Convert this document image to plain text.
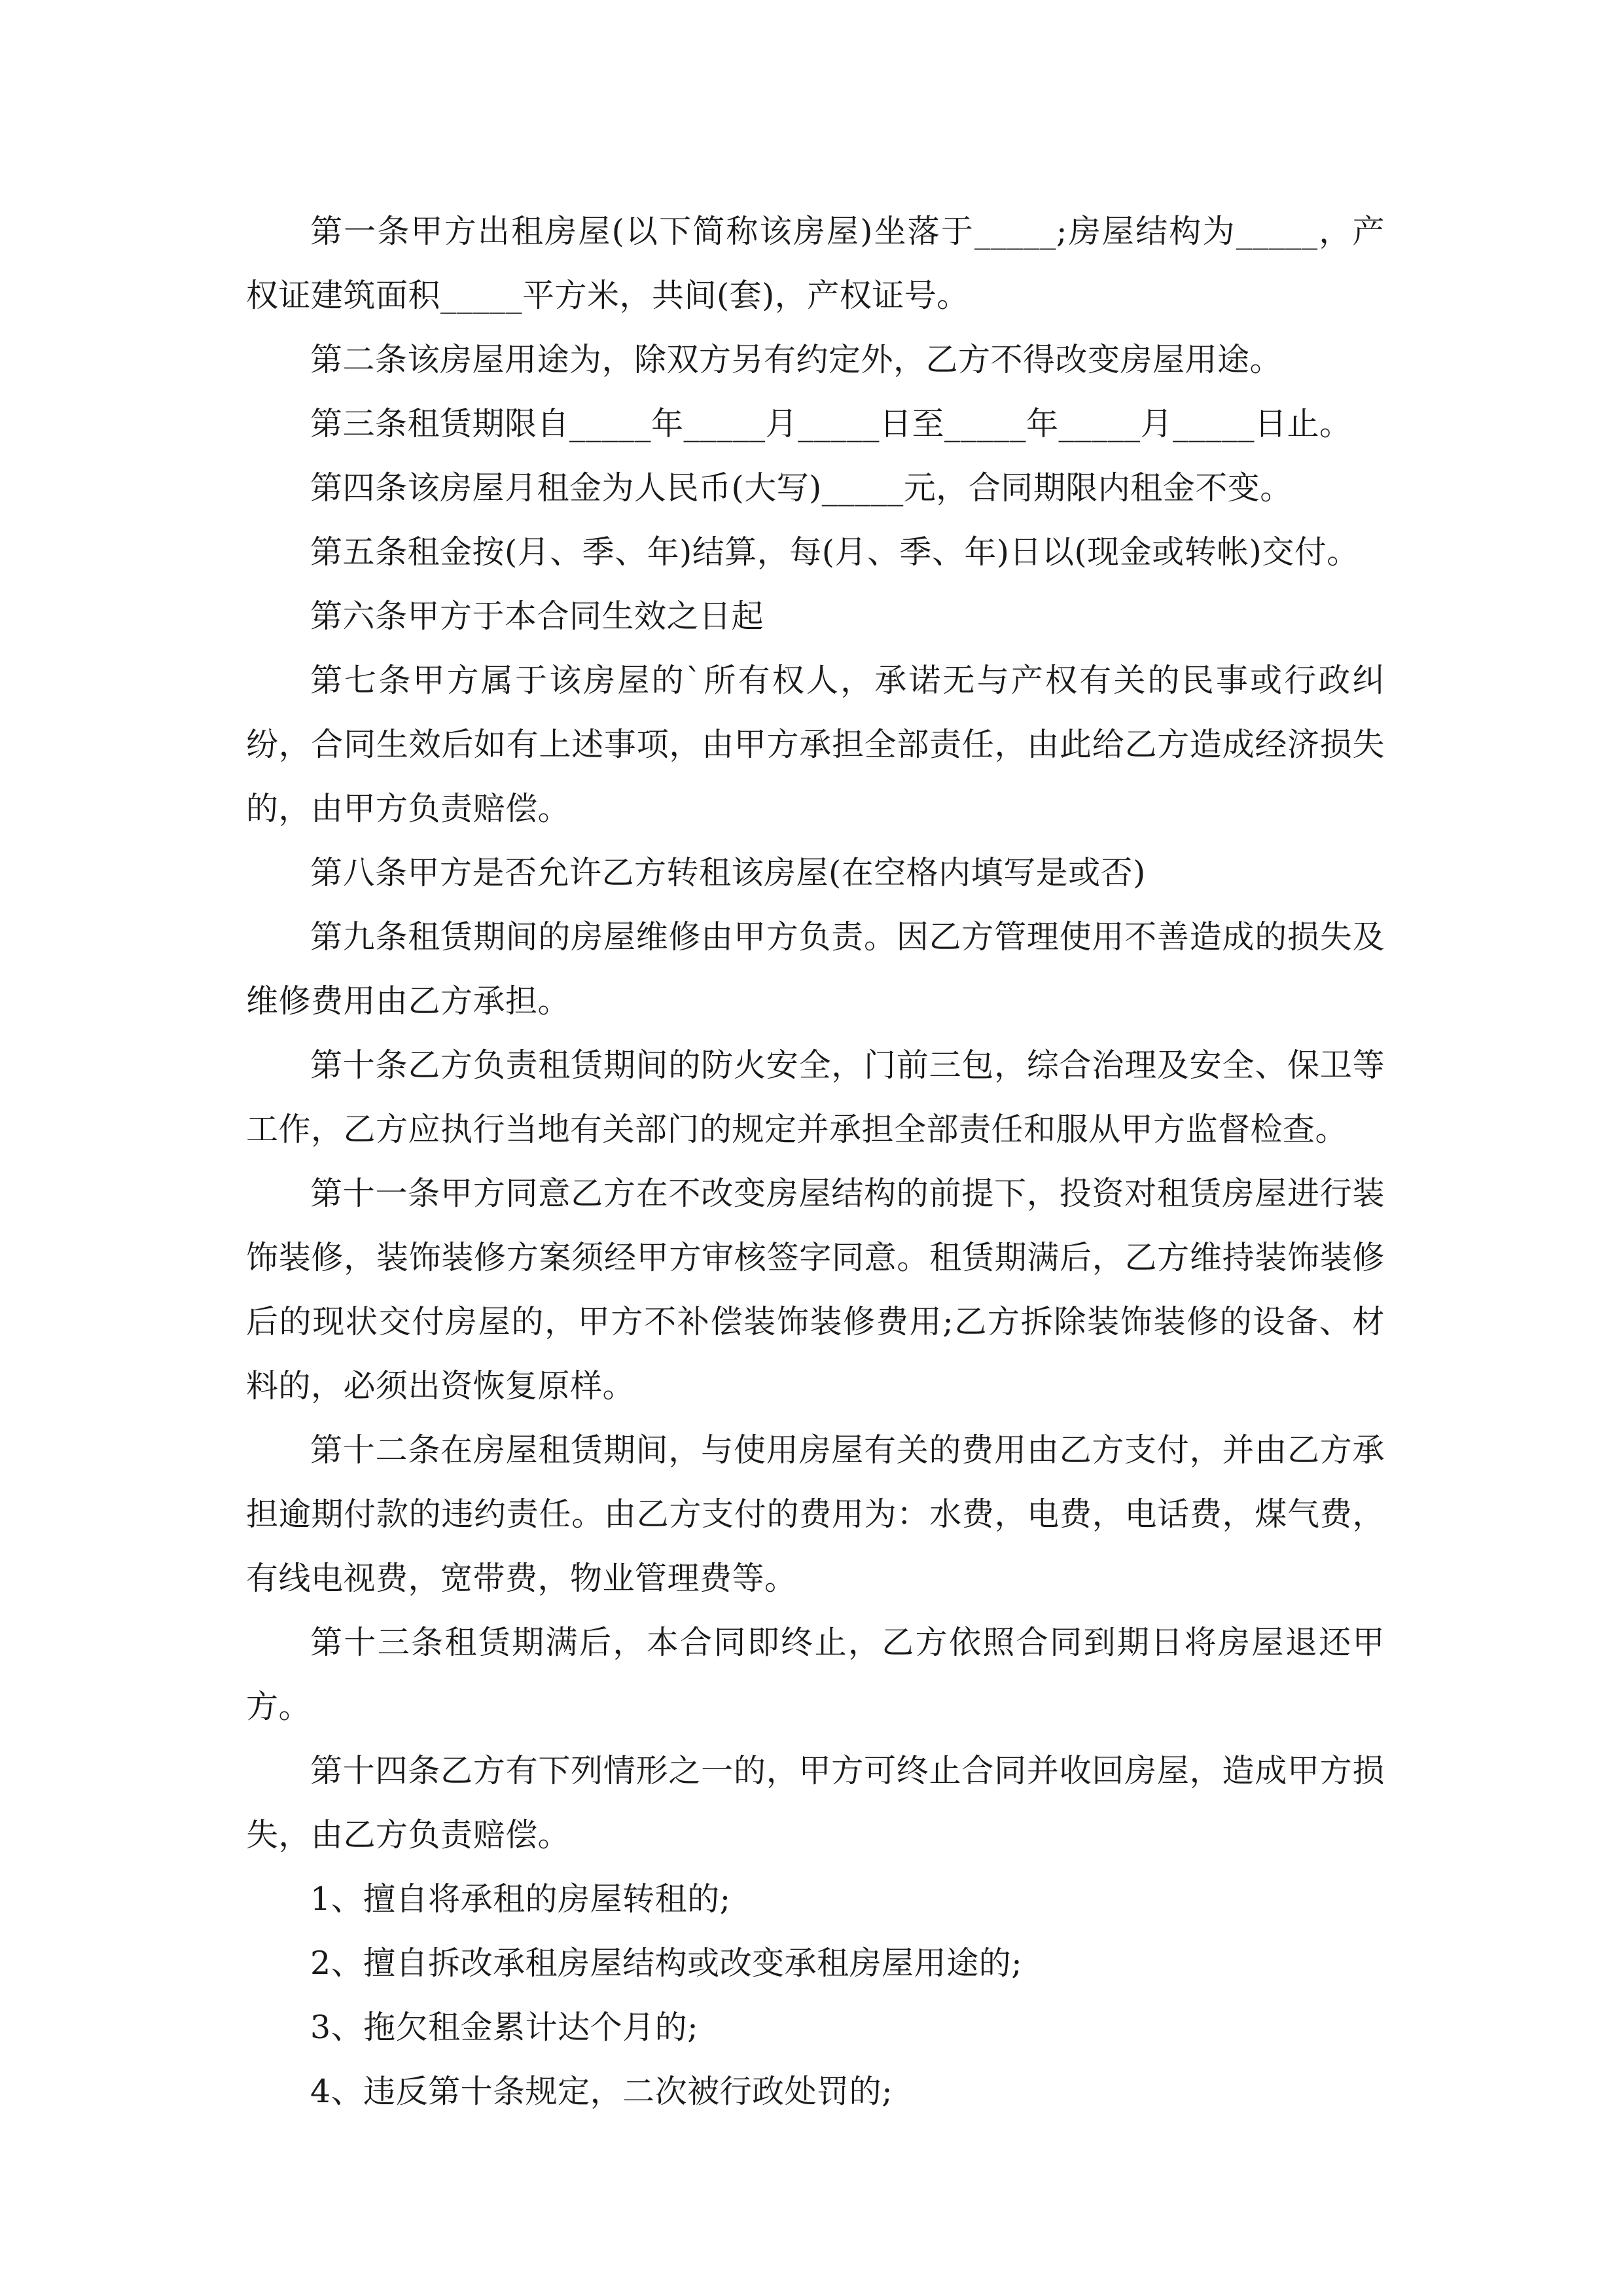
第一条甲方出租房屋(以下简称该房屋)坐落于_____;房屋结构为_____，产权证建筑面积_____平方米，共间(套)，产权证号。

第二条该房屋用途为，除双方另有约定外，乙方不得改变房屋用途。

第三条租赁期限自_____年_____月_____日至_____年_____月_____日止。

第四条该房屋月租金为人民币(大写)_____元，合同期限内租金不变。

第五条租金按(月、季、年)结算，每(月、季、年)日以(现金或转帐)交付。

第六条甲方于本合同生效之日起

第七条甲方属于该房屋的`所有权人，承诺无与产权有关的民事或行政纠纷，合同生效后如有上述事项，由甲方承担全部责任，由此给乙方造成经济损失的，由甲方负责赔偿。

第八条甲方是否允许乙方转租该房屋(在空格内填写是或否)

第九条租赁期间的房屋维修由甲方负责。因乙方管理使用不善造成的损失及维修费用由乙方承担。

第十条乙方负责租赁期间的防火安全，门前三包，综合治理及安全、保卫等工作，乙方应执行当地有关部门的规定并承担全部责任和服从甲方监督检查。

第十一条甲方同意乙方在不改变房屋结构的前提下，投资对租赁房屋进行装饰装修，装饰装修方案须经甲方审核签字同意。租赁期满后，乙方维持装饰装修后的现状交付房屋的，甲方不补偿装饰装修费用;乙方拆除装饰装修的设备、材料的，必须出资恢复原样。

第十二条在房屋租赁期间，与使用房屋有关的费用由乙方支付，并由乙方承担逾期付款的违约责任。由乙方支付的费用为：水费，电费，电话费，煤气费，有线电视费，宽带费，物业管理费等。

第十三条租赁期满后，本合同即终止，乙方依照合同到期日将房屋退还甲方。

第十四条乙方有下列情形之一的，甲方可终止合同并收回房屋，造成甲方损失，由乙方负责赔偿。

1、擅自将承租的房屋转租的;

2、擅自拆改承租房屋结构或改变承租房屋用途的;

3、拖欠租金累计达个月的;

4、违反第十条规定，二次被行政处罚的;
